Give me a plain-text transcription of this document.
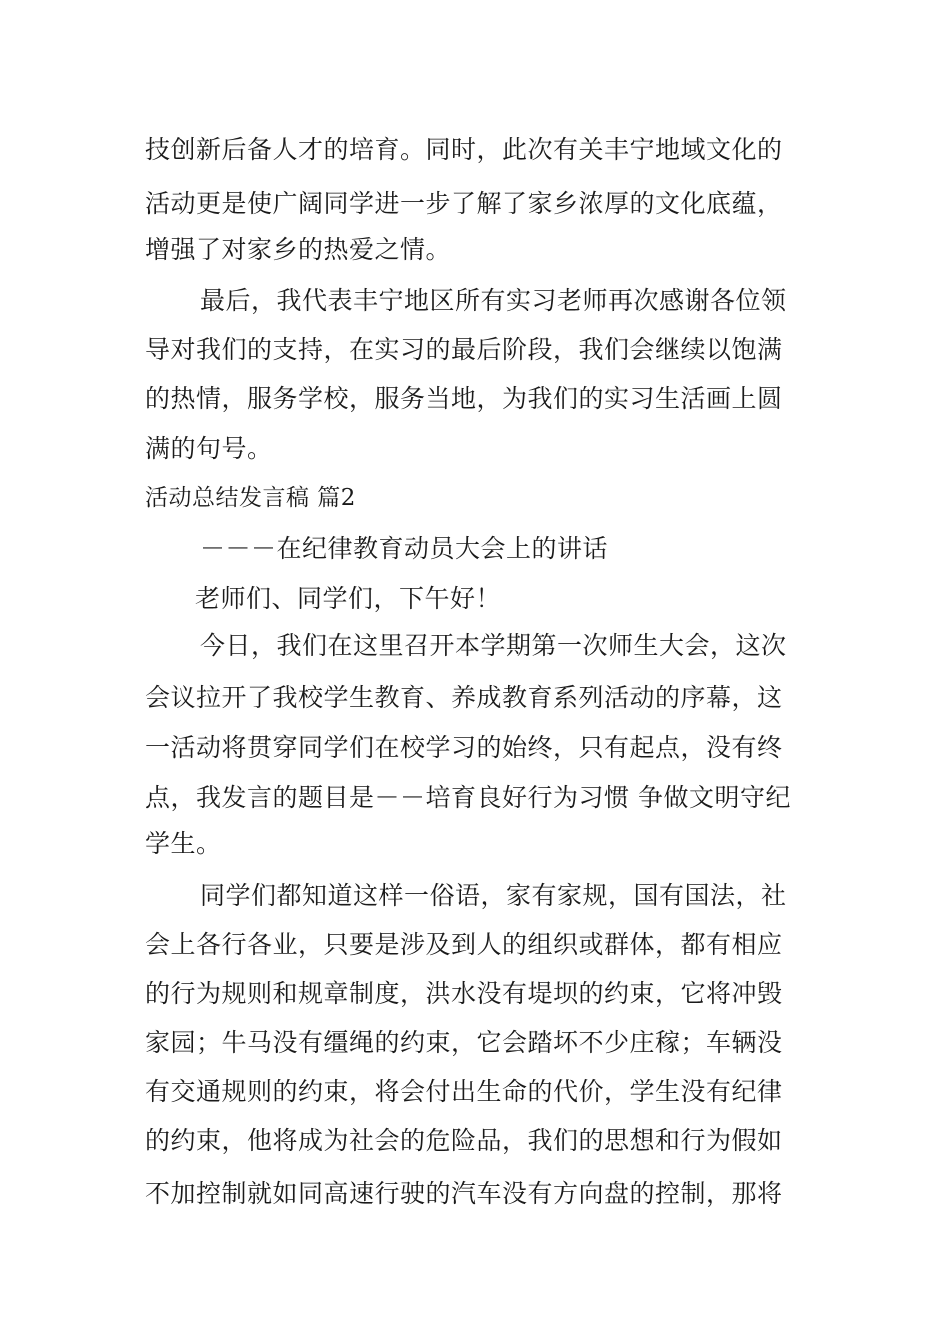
技创新后备人才的培育。同时，此次有关丰宁地域文化的
活动更是使广阔同学进一步了解了家乡浓厚的文化底蕴，
增强了对家乡的热爱之情。
最后，我代表丰宁地区所有实习老师再次感谢各位领
导对我们的支持，在实习的最后阶段，我们会继续以饱满
的热情，服务学校，服务当地，为我们的实习生活画上圆
满的句号。
活动总结发言稿 篇2
－－－在纪律教育动员大会上的讲话
老师们、同学们，下午好！
今日，我们在这里召开本学期第一次师生大会，这次
会议拉开了我校学生教育、养成教育系列活动的序幕，这
一活动将贯穿同学们在校学习的始终，只有起点，没有终
点，我发言的题目是－－培育良好行为习惯 争做文明守纪
学生。
同学们都知道这样一俗语，家有家规，国有国法，社
会上各行各业，只要是涉及到人的组织或群体，都有相应
的行为规则和规章制度，洪水没有堤坝的约束，它将冲毁
家园；牛马没有缰绳的约束，它会踏坏不少庄稼；车辆没
有交通规则的约束，将会付出生命的代价，学生没有纪律
的约束，他将成为社会的危险品，我们的思想和行为假如
不加控制就如同高速行驶的汽车没有方向盘的控制，那将
